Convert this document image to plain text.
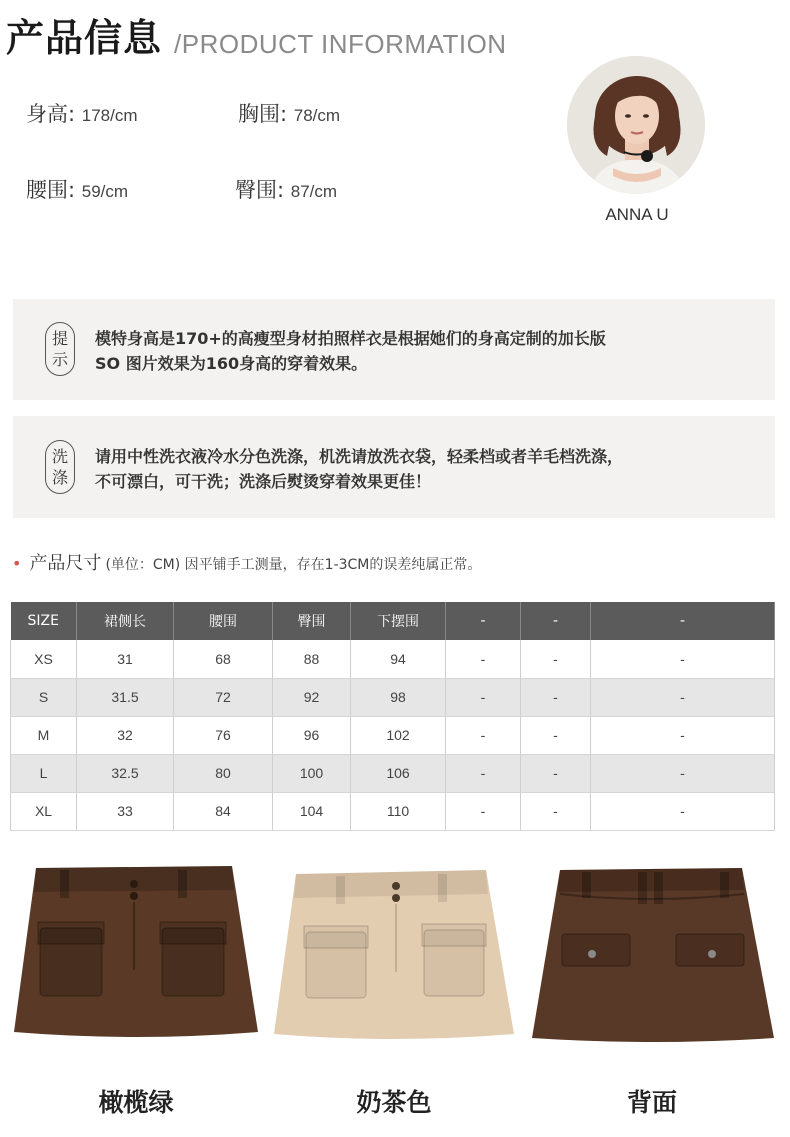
产品信息 /PRODUCT INFORMATION
身高: 178/cm	胸围: 78/cm
腰围: 59/cm	臀围: 87/cm
ANNA U
提
示
模特身高是170+的高瘦型身材拍照样衣是根据她们的身高定制的加长版
SO 图片效果为160身高的穿着效果。
洗
涤
请用中性洗衣液冷水分色洗涤，机洗请放洗衣袋，轻柔档或者羊毛档洗涤，
不可漂白，可干洗；洗涤后熨烫穿着效果更佳！
• 产品尺寸 (单位：CM) 因平铺手工测量，存在1-3CM的误差纯属正常。
SIZE	裙侧长	腰围	臀围	下摆围	-	-	-
XS	31	68	88	94	-	-	-
S	31.5	72	92	98	-	-	-
M	32	76	96	102	-	-	-
L	32.5	80	100	106	-	-	-
XL	33	84	104	110	-	-	-
橄榄绿	奶茶色	背面
